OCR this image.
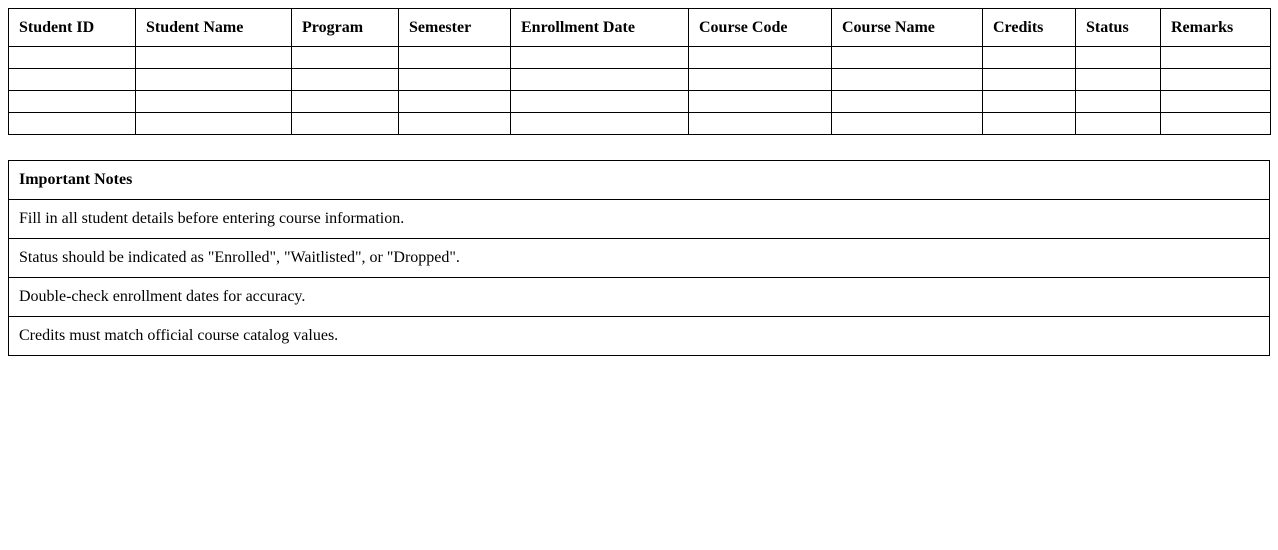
Student ID	Student Name	Program	Semester	Enrollment Date	Course Code	Course Name	Credits	Status	Remarks

Important Notes
Fill in all student details before entering course information.
Status should be indicated as "Enrolled", "Waitlisted", or "Dropped".
Double-check enrollment dates for accuracy.
Credits must match official course catalog values.
